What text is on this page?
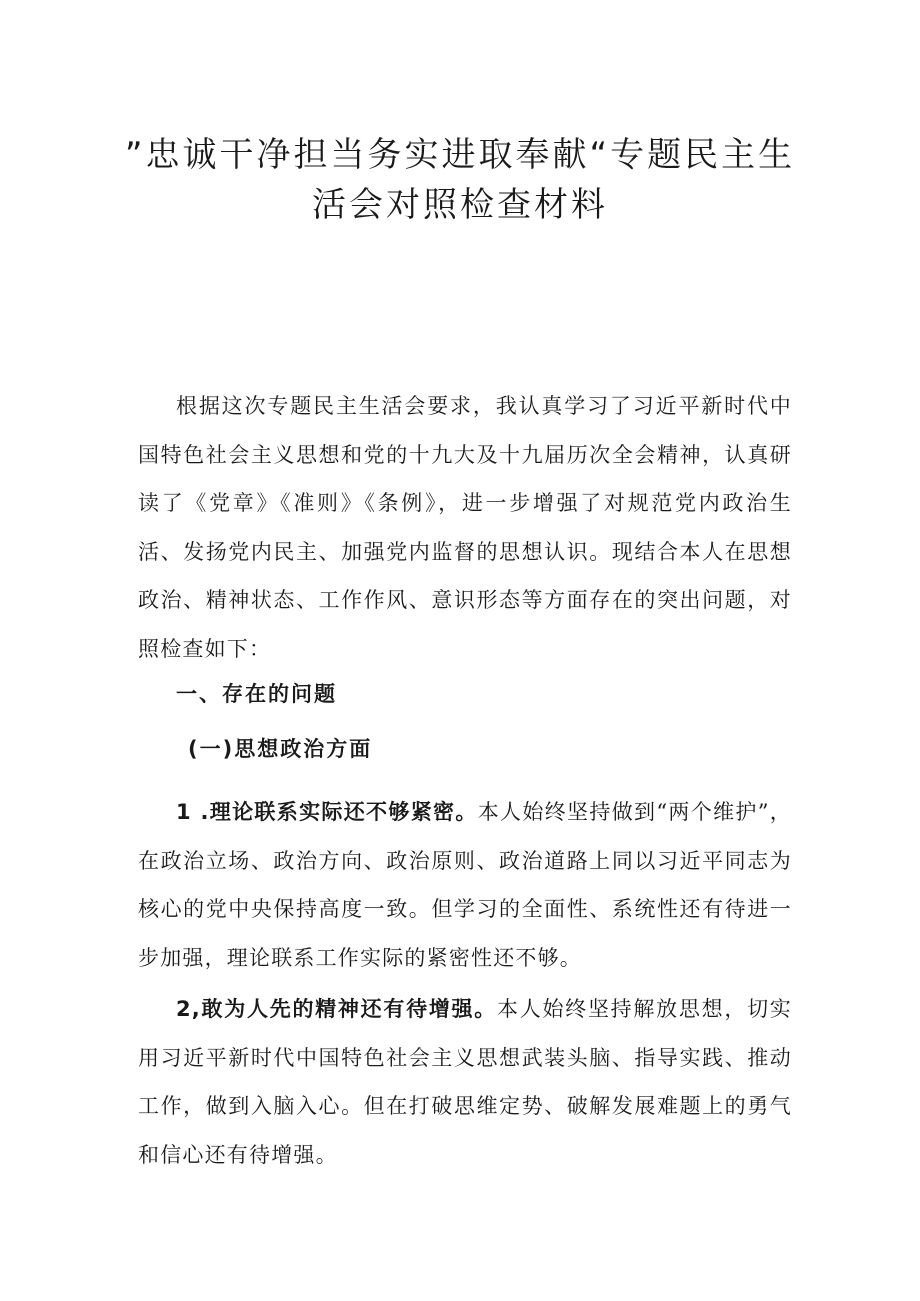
”忠诚干净担当务实进取奉献“专题民主生活会对照检查材料

根据这次专题民主生活会要求，我认真学习了习近平新时代中国特色社会主义思想和党的十九大及十九届历次全会精神，认真研读了《党章》《准则》《条例》，进一步增强了对规范党内政治生活、发扬党内民主、加强党内监督的思想认识。现结合本人在思想政治、精神状态、工作作风、意识形态等方面存在的突出问题，对照检查如下：

一、存在的问题
(一)思想政治方面

1 .理论联系实际还不够紧密。本人始终坚持做到“两个维护”，在政治立场、政治方向、政治原则、政治道路上同以习近平同志为核心的党中央保持高度一致。但学习的全面性、系统性还有待进一步加强，理论联系工作实际的紧密性还不够。

2,敢为人先的精神还有待增强。本人始终坚持解放思想，切实用习近平新时代中国特色社会主义思想武装头脑、指导实践、推动工作，做到入脑入心。但在打破思维定势、破解发展难题上的勇气和信心还有待增强。
